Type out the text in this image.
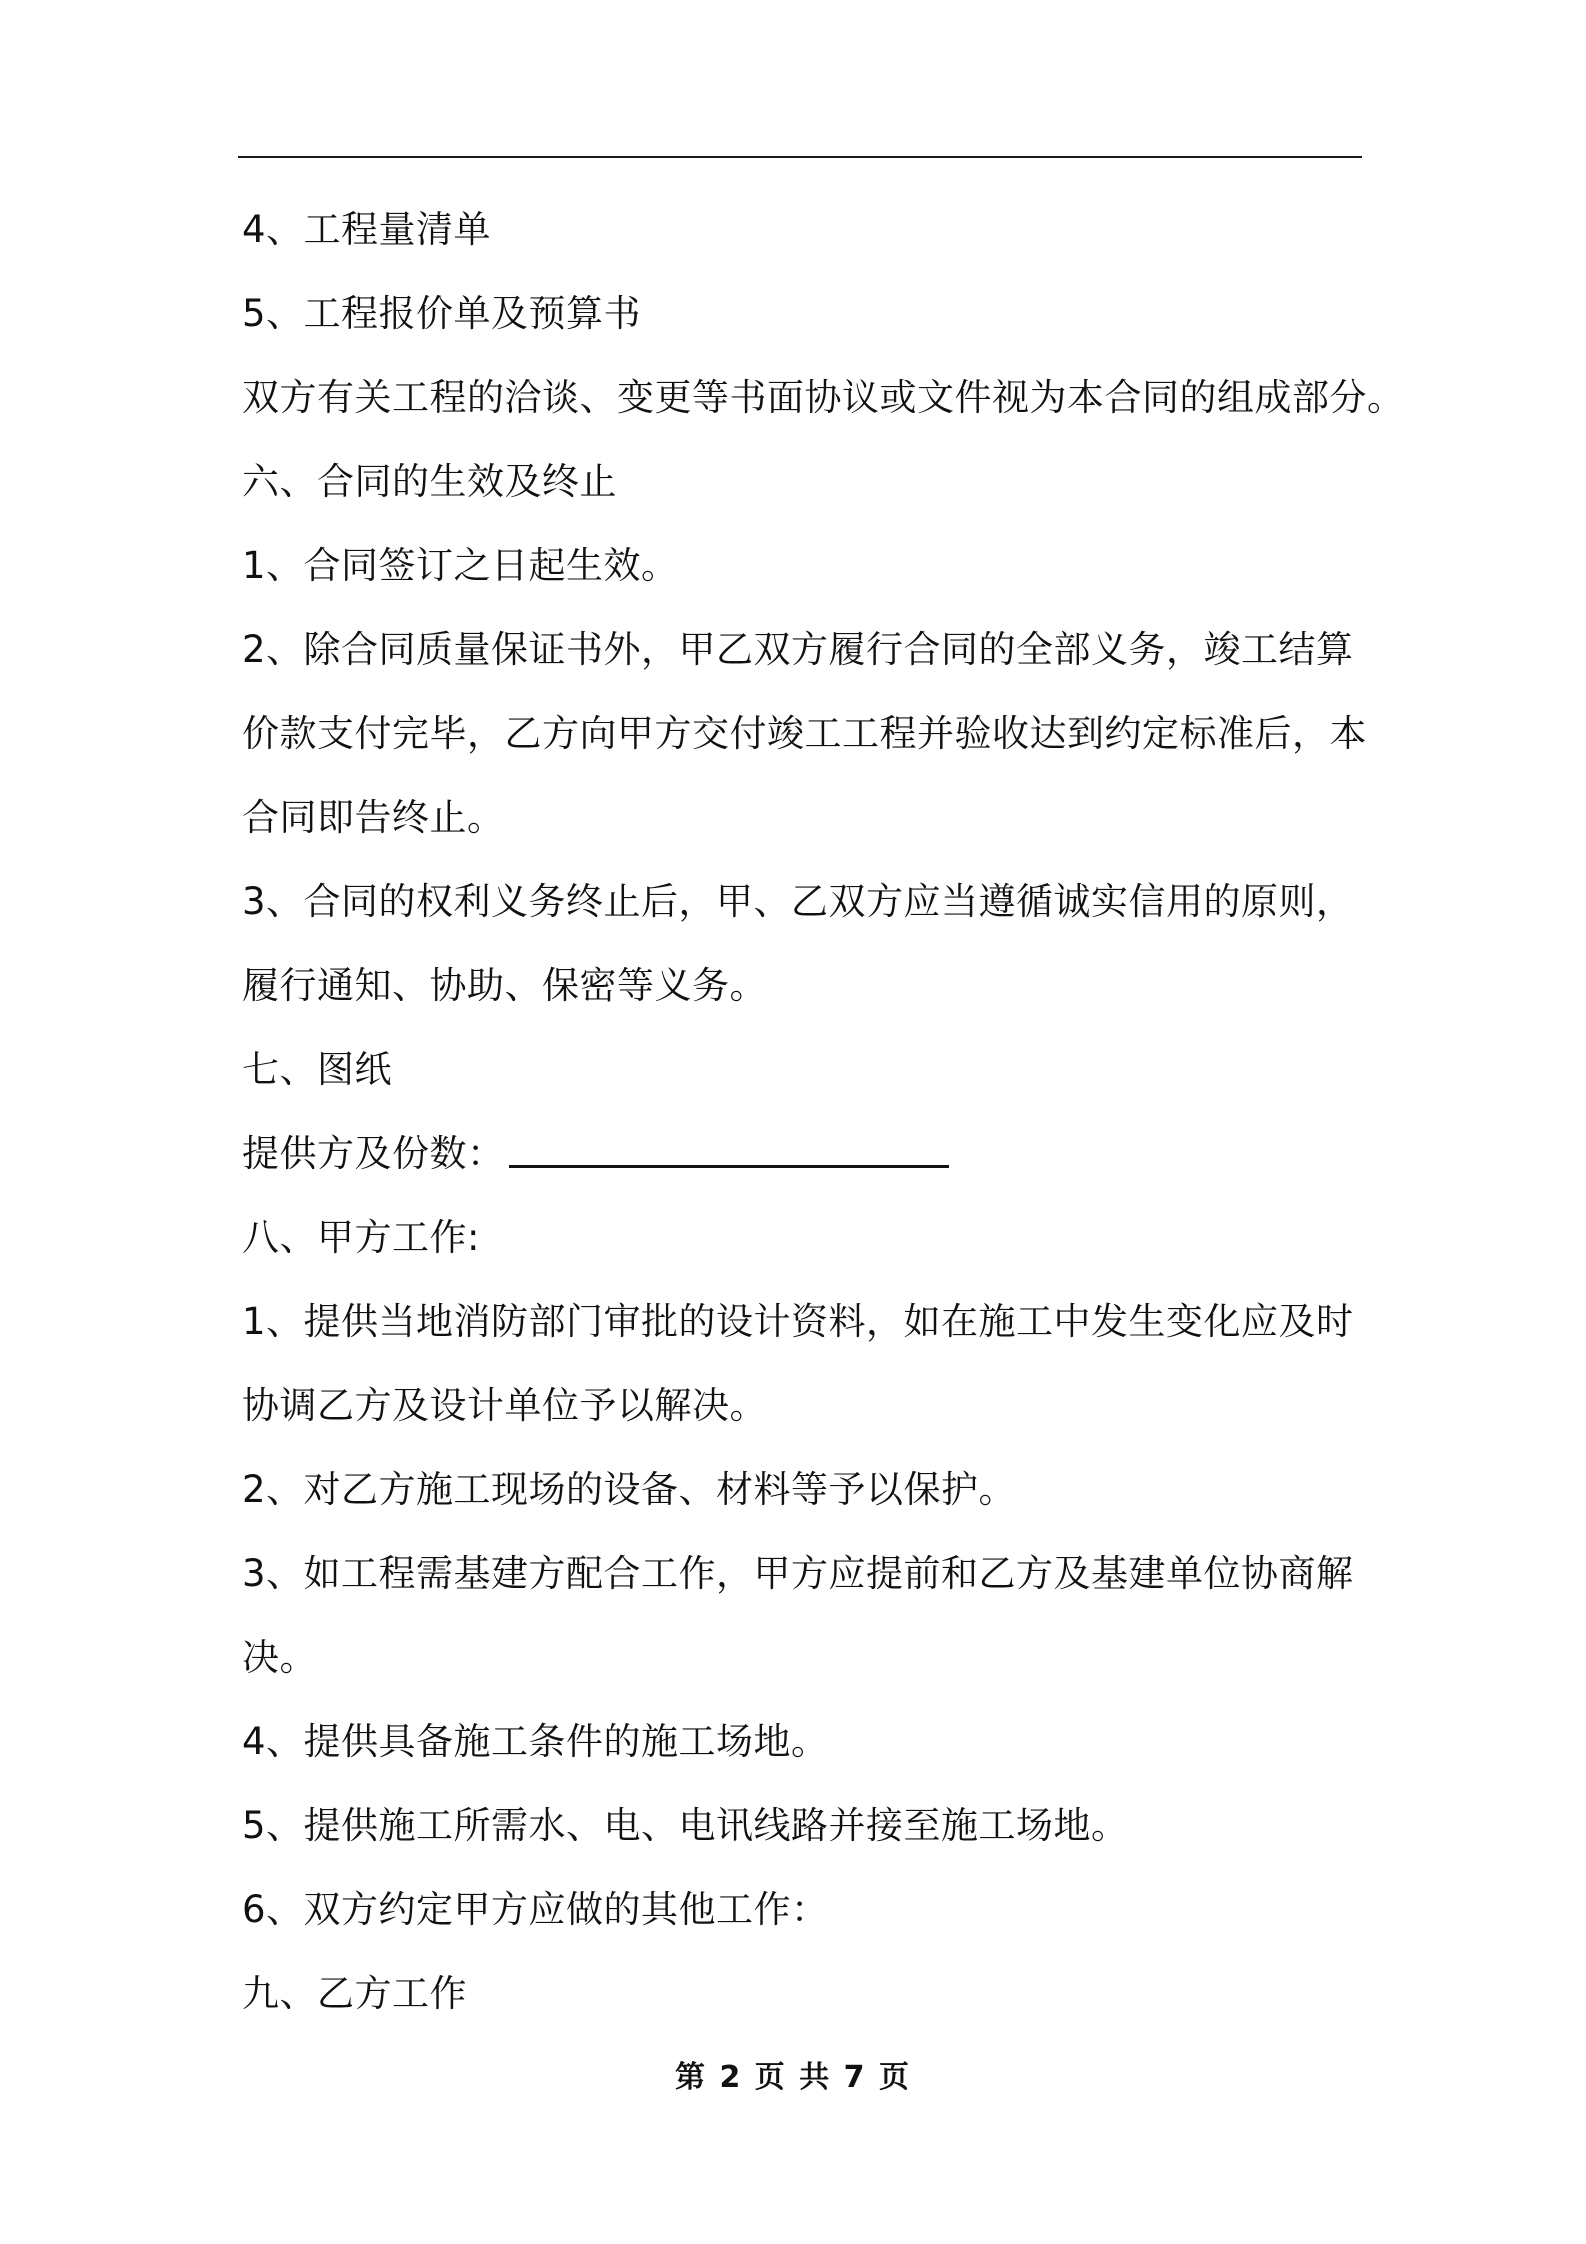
4、工程量清单
5、工程报价单及预算书
双方有关工程的洽谈、变更等书面协议或文件视为本合同的组成部分。
六、合同的生效及终止
1、合同签订之日起生效。
2、除合同质量保证书外，甲乙双方履行合同的全部义务，竣工结算
价款支付完毕，乙方向甲方交付竣工工程并验收达到约定标准后，本
合同即告终止。
3、合同的权利义务终止后，甲、乙双方应当遵循诚实信用的原则，
履行通知、协助、保密等义务。
七、图纸
提供方及份数：
八、甲方工作:
1、提供当地消防部门审批的设计资料，如在施工中发生变化应及时
协调乙方及设计单位予以解决。
2、对乙方施工现场的设备、材料等予以保护。
3、如工程需基建方配合工作，甲方应提前和乙方及基建单位协商解
决。
4、提供具备施工条件的施工场地。
5、提供施工所需水、电、电讯线路并接至施工场地。
6、双方约定甲方应做的其他工作：
九、乙方工作
第 2 页 共 7 页
